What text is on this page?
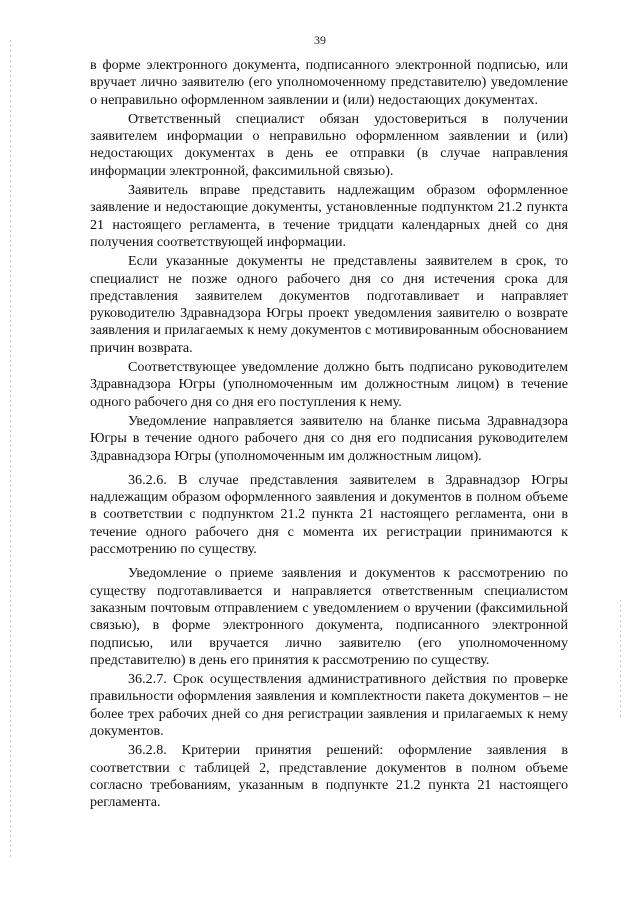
39

в форме электронного документа, подписанного электронной подписью, или вручает лично заявителю (его уполномоченному представителю) уведомление о неправильно оформленном заявлении и (или) недостающих документах.

Ответственный специалист обязан удостовериться в получении заявителем информации о неправильно оформленном заявлении и (или) недостающих документах в день ее отправки (в случае направления информации электронной, факсимильной связью).

Заявитель вправе представить надлежащим образом оформленное заявление и недостающие документы, установленные подпунктом 21.2 пункта 21 настоящего регламента, в течение тридцати календарных дней со дня получения соответствующей информации.

Если указанные документы не представлены заявителем в срок, то специалист не позже одного рабочего дня со дня истечения срока для представления заявителем документов подготавливает и направляет руководителю Здравнадзора Югры проект уведомления заявителю о возврате заявления и прилагаемых к нему документов с мотивированным обоснованием причин возврата.

Соответствующее уведомление должно быть подписано руководителем Здравнадзора Югры (уполномоченным им должностным лицом) в течение одного рабочего дня со дня его поступления к нему.

Уведомление направляется заявителю на бланке письма Здравнадзора Югры в течение одного рабочего дня со дня его подписания руководителем Здравнадзора Югры (уполномоченным им должностным лицом).

36.2.6. В случае представления заявителем в Здравнадзор Югры надлежащим образом оформленного заявления и документов в полном объеме в соответствии с подпунктом 21.2 пункта 21 настоящего регламента, они в течение одного рабочего дня с момента их регистрации принимаются к рассмотрению по существу.

Уведомление о приеме заявления и документов к рассмотрению по существу подготавливается и направляется ответственным специалистом заказным почтовым отправлением с уведомлением о вручении (факсимильной связью), в форме электронного документа, подписанного электронной подписью, или вручается лично заявителю (его уполномоченному представителю) в день его принятия к рассмотрению по существу.

36.2.7. Срок осуществления административного действия по проверке правильности оформления заявления и комплектности пакета документов – не более трех рабочих дней со дня регистрации заявления и прилагаемых к нему документов.

36.2.8. Критерии принятия решений: оформление заявления в соответствии с таблицей 2, представление документов в полном объеме согласно требованиям, указанным в подпункте 21.2 пункта 21 настоящего регламента.
